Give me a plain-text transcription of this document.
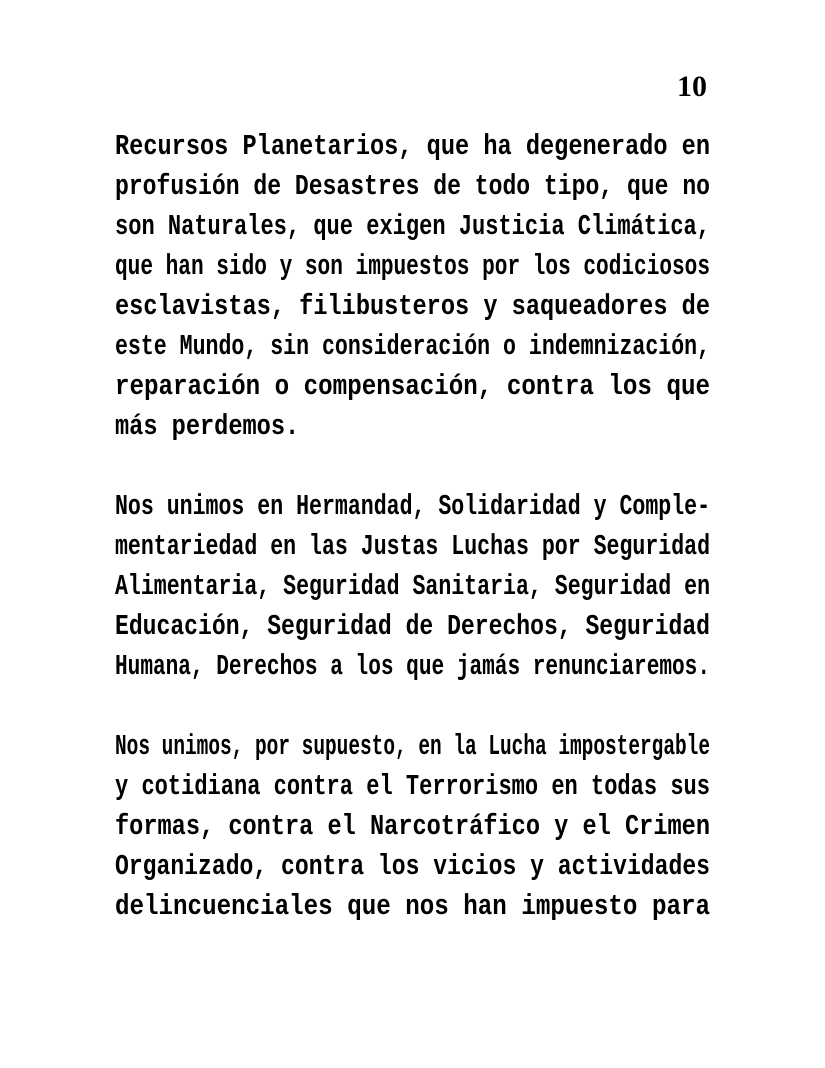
10
Recursos Planetarios, que ha degenerado en
profusión de Desastres de todo tipo, que no
son Naturales, que exigen Justicia Climática,
que han sido y son impuestos por los codiciosos
esclavistas, filibusteros y saqueadores de
este Mundo, sin consideración o indemnización,
reparación o compensación, contra los que
más perdemos.
Nos unimos en Hermandad, Solidaridad y Comple-
mentariedad en las Justas Luchas por Seguridad
Alimentaria, Seguridad Sanitaria, Seguridad en
Educación, Seguridad de Derechos, Seguridad
Humana, Derechos a los que jamás renunciaremos.
Nos unimos, por supuesto, en la Lucha impostergable
y cotidiana contra el Terrorismo en todas sus
formas, contra el Narcotráfico y el Crimen
Organizado, contra los vicios y actividades
delincuenciales que nos han impuesto para
